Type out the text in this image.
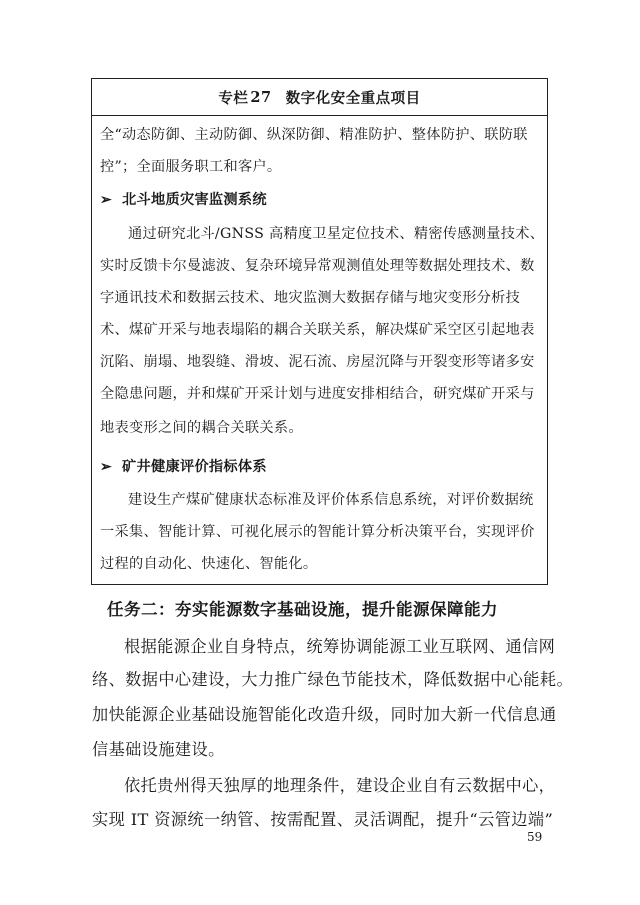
专栏 27 数字化安全重点项目
全“动态防御、主动防御、纵深防御、精准防护、整体防护、联防联
控”；全面服务职工和客户。
➢ 北斗地质灾害监测系统
通过研究北斗/GNSS 高精度卫星定位技术、精密传感测量技术、
实时反馈卡尔曼滤波、复杂环境异常观测值处理等数据处理技术、数
字通讯技术和数据云技术、地灾监测大数据存储与地灾变形分析技
术、煤矿开采与地表塌陷的耦合关联关系，解决煤矿采空区引起地表
沉陷、崩塌、地裂缝、滑坡、泥石流、房屋沉降与开裂变形等诸多安
全隐患问题，并和煤矿开采计划与进度安排相结合，研究煤矿开采与
地表变形之间的耦合关联关系。
➢ 矿井健康评价指标体系
建设生产煤矿健康状态标准及评价体系信息系统，对评价数据统
一采集、智能计算、可视化展示的智能计算分析决策平台，实现评价
过程的自动化、快速化、智能化。
任务二：夯实能源数字基础设施，提升能源保障能力
根据能源企业自身特点，统筹协调能源工业互联网、通信网
络、数据中心建设，大力推广绿色节能技术，降低数据中心能耗。
加快能源企业基础设施智能化改造升级，同时加大新一代信息通
信基础设施建设。
依托贵州得天独厚的地理条件，建设企业自有云数据中心，
实现 IT 资源统一纳管、按需配置、灵活调配，提升“云管边端”
59
